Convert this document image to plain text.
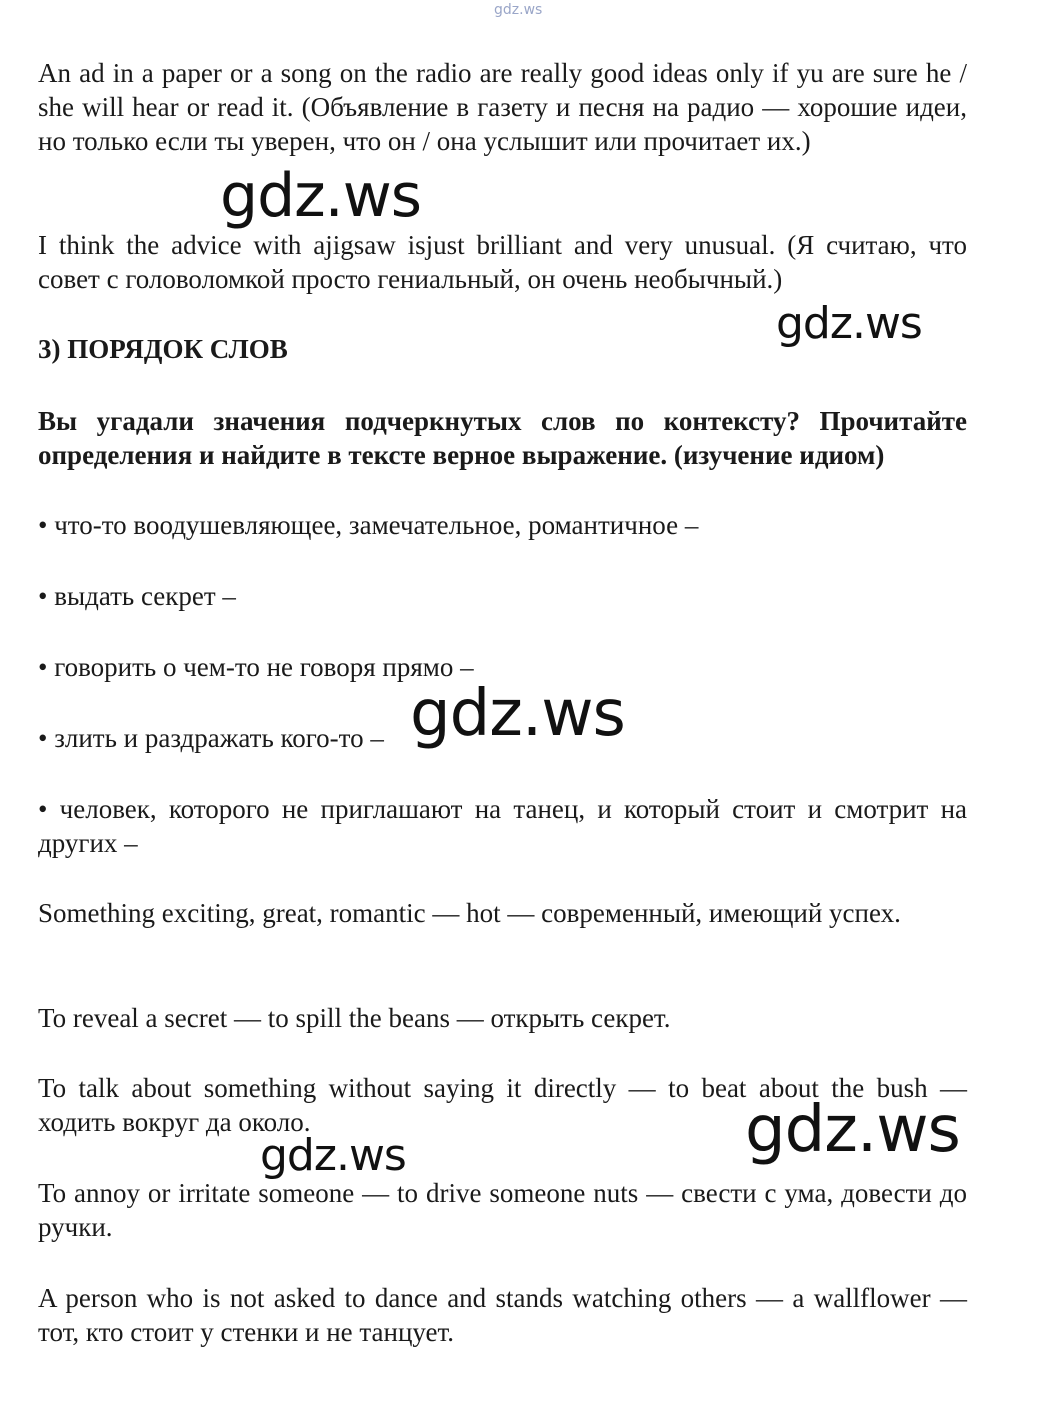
gdz.ws

An ad in a paper or a song on the radio are really good ideas only if yu are sure he / she will hear or read it. (Объявление в газету и песня на радио — хорошие идеи, но только если ты уверен, что он / она услышит или прочитает их.)

I think the advice with ajigsaw isjust brilliant and very unusual. (Я считаю, что совет с головоломкой просто гениальный, он очень необычный.)

3) ПОРЯДОК СЛОВ

Вы угадали значения подчеркнутых слов по контексту? Прочитайте определения и найдите в тексте верное выражение. (изучение идиом)

• что-то воодушевляющее, замечательное, романтичное –

• выдать секрет –

• говорить о чем-то не говоря прямо –

• злить и раздражать кого-то –

• человек, которого не приглашают на танец, и который стоит и смотрит на других –

Something exciting, great, romantic — hot — современный, имеющий успех.

To reveal a secret — to spill the beans — открыть секрет.

To talk about something without saying it directly — to beat about the bush — ходить вокруг да около.

To annoy or irritate someone — to drive someone nuts — свести с ума, довести до ручки.

A person who is not asked to dance and stands watching others — a wallflower — тот, кто стоит у стенки и не танцует.

gdz.ws
gdz.ws
gdz.ws
gdz.ws
gdz.ws
